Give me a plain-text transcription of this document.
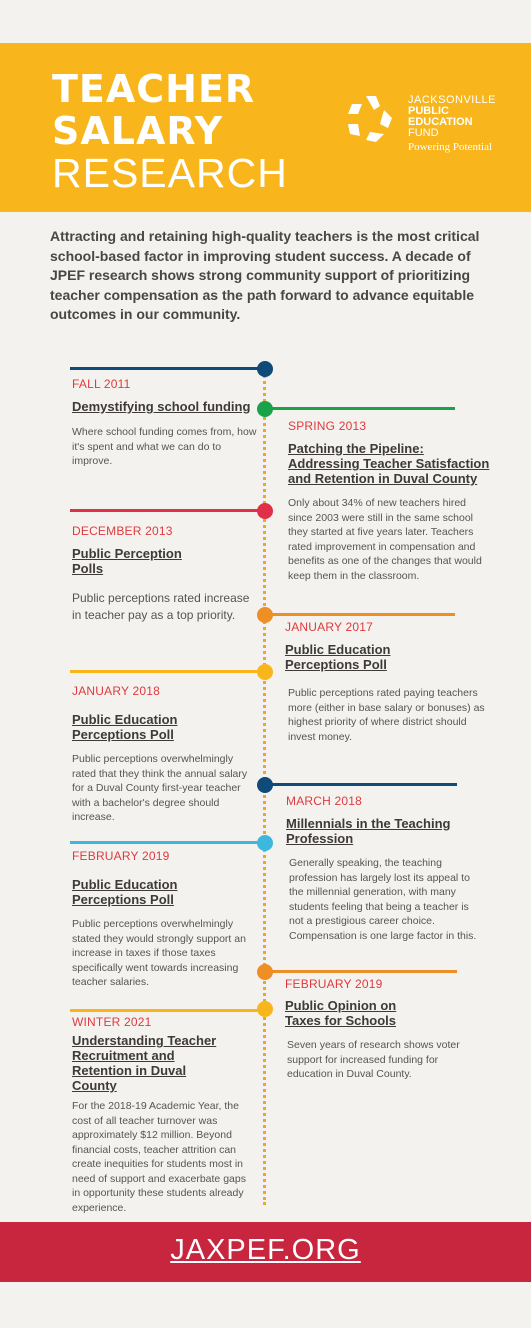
TEACHER
SALARY
RESEARCH
JACKSONVILLE
PUBLIC
EDUCATION
FUND
Powering Potential
Attracting and retaining high-quality teachers is the most critical school-based factor in improving student success. A decade of JPEF research shows strong community support of prioritizing teacher compensation as the path forward to advance equitable outcomes in our community.
FALL 2011
Demystifying school funding
Where school funding comes from, how it's spent and what we can do to improve.
SPRING 2013
Patching the Pipeline: Addressing Teacher Satisfaction and Retention in Duval County
Only about 34% of new teachers hired since 2003 were still in the same school they started at five years later. Teachers rated improvement in compensation and benefits as one of the changes that would keep them in the classroom.
DECEMBER 2013
Public Perception Polls
Public perceptions rated increase in teacher pay as a top priority.
JANUARY 2017
Public Education Perceptions Poll
Public perceptions rated paying teachers more (either in base salary or bonuses) as highest priority of where district should invest money.
JANUARY 2018
Public Education Perceptions Poll
Public perceptions overwhelmingly rated that they think the annual salary for a Duval County first-year teacher with a bachelor's degree should increase.
MARCH 2018
Millennials in the Teaching Profession
Generally speaking, the teaching profession has largely lost its appeal to the millennial generation, with many students feeling that being a teacher is not a prestigious career choice. Compensation is one large factor in this.
FEBRUARY 2019
Public Education Perceptions Poll
Public perceptions overwhelmingly stated they would strongly support an increase in taxes if those taxes specifically went towards increasing teacher salaries.	FEBRUARY 2019
Public Opinion on Taxes for Schools
Seven years of research shows voter support for increased funding for education in Duval County.
WINTER 2021
Understanding Teacher Recruitment and Retention in Duval County
For the 2018-19 Academic Year, the cost of all teacher turnover was approximately $12 million. Beyond financial costs, teacher attrition can create inequities for students most in need of support and exacerbate gaps in opportunity these students already experience.
JAXPEF.ORG
